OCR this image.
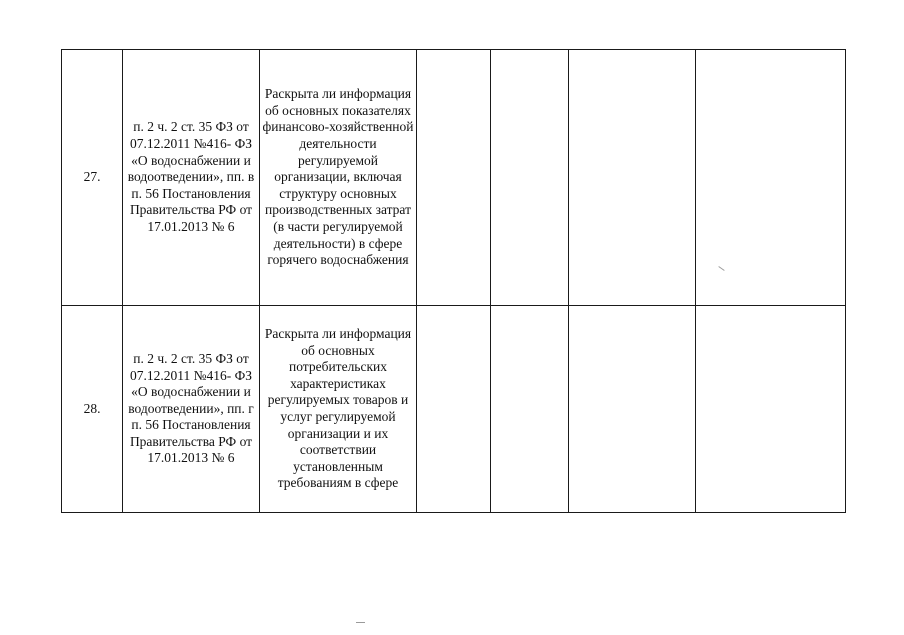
27.	п. 2 ч. 2 ст. 35 ФЗ от 07.12.2011 №416- ФЗ «О водоснабжении и водоотведении», пп. в п. 56 Постановления Правительства РФ от 17.01.2013 № 6	Раскрыта ли информация об основных показателях финансово-хозяйственной деятельности регулируемой организации, включая структуру основных производственных затрат (в части регулируемой деятельности) в сфере горячего водоснабжения				

28.	п. 2 ч. 2 ст. 35 ФЗ от 07.12.2011 №416- ФЗ «О водоснабжении и водоотведении», пп. г п. 56 Постановления Правительства РФ от 17.01.2013 № 6	Раскрыта ли информация об основных потребительских характеристиках регулируемых товаров и услуг регулируемой организации и их соответствии установленным требованиям в сфере				
